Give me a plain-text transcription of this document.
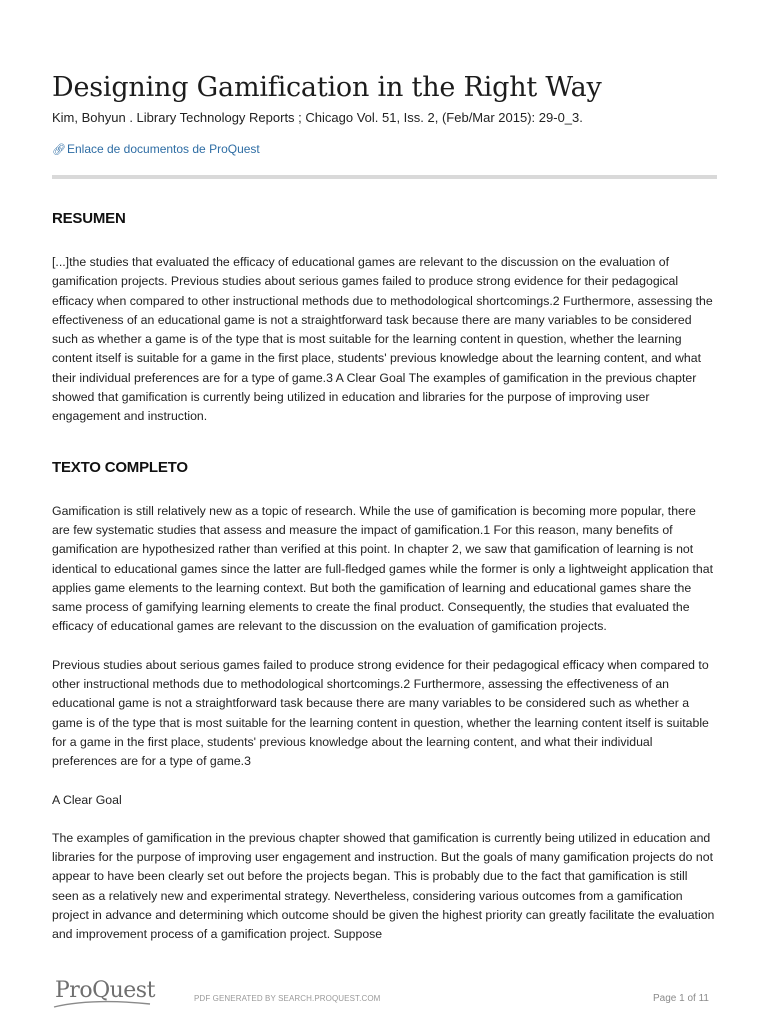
Designing Gamification in the Right Way
Kim, Bohyun . Library Technology Reports ; Chicago Vol. 51, Iss. 2, (Feb/Mar 2015): 29-0_3.
🔗︎Enlace de documentos de ProQuest
RESUMEN

[...]the studies that evaluated the efficacy of educational games are relevant to the discussion on the evaluation of gamification projects. Previous studies about serious games failed to produce strong evidence for their pedagogical efficacy when compared to other instructional methods due to methodological shortcomings.2 Furthermore, assessing the effectiveness of an educational game is not a straightforward task because there are many variables to be considered such as whether a game is of the type that is most suitable for the learning content in question, whether the learning content itself is suitable for a game in the first place, students' previous knowledge about the learning content, and what their individual preferences are for a type of game.3 A Clear Goal The examples of gamification in the previous chapter showed that gamification is currently being utilized in education and libraries for the purpose of improving user engagement and instruction.

TEXTO COMPLETO

Gamification is still relatively new as a topic of research. While the use of gamification is becoming more popular, there are few systematic studies that assess and measure the impact of gamification.1 For this reason, many benefits of gamification are hypothesized rather than verified at this point. In chapter 2, we saw that gamification of learning is not identical to educational games since the latter are full-fledged games while the former is only a lightweight application that applies game elements to the learning context. But both the gamification of learning and educational games share the same process of gamifying learning elements to create the final product. Consequently, the studies that evaluated the efficacy of educational games are relevant to the discussion on the evaluation of gamification projects.

Previous studies about serious games failed to produce strong evidence for their pedagogical efficacy when compared to other instructional methods due to methodological shortcomings.2 Furthermore, assessing the effectiveness of an educational game is not a straightforward task because there are many variables to be considered such as whether a game is of the type that is most suitable for the learning content in question, whether the learning content itself is suitable for a game in the first place, students' previous knowledge about the learning content, and what their individual preferences are for a type of game.3

A Clear Goal

The examples of gamification in the previous chapter showed that gamification is currently being utilized in education and libraries for the purpose of improving user engagement and instruction. But the goals of many gamification projects do not appear to have been clearly set out before the projects began. This is probably due to the fact that gamification is still seen as a relatively new and experimental strategy. Nevertheless, considering various outcomes from a gamification project in advance and determining which outcome should be given the highest priority can greatly facilitate the evaluation and improvement process of a gamification project. Suppose

ProQuest	PDF GENERATED BY SEARCH.PROQUEST.COM	Page 1 of 11
